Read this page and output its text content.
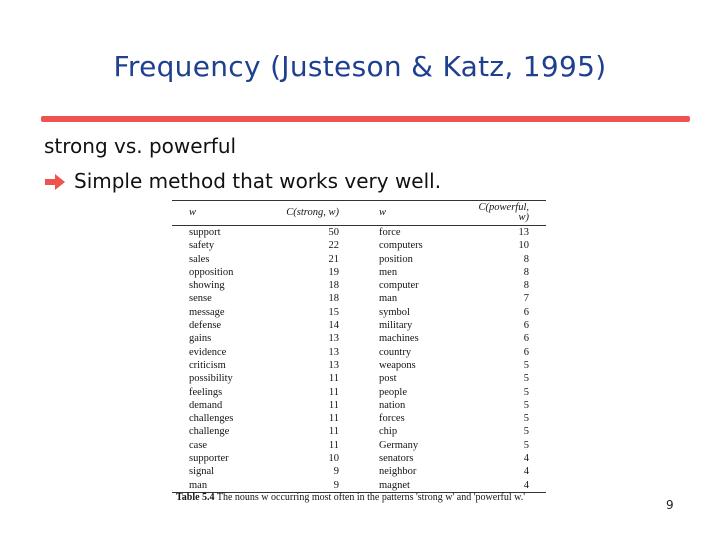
Frequency (Justeson & Katz, 1995)
strong vs. powerful
Simple method that works very well.
w	C(strong, w)	w	C(powerful, w)
support	50	force	13
safety	22	computers	10
sales	21	position	8
opposition	19	men	8
showing	18	computer	8
sense	18	man	7
message	15	symbol	6
defense	14	military	6
gains	13	machines	6
evidence	13	country	6
criticism	13	weapons	5
possibility	11	post	5
feelings	11	people	5
demand	11	nation	5
challenges	11	forces	5
challenge	11	chip	5
case	11	Germany	5
supporter	10	senators	4
signal	9	neighbor	4
man	9	magnet	4
Table 5.4 The nouns w occurring most often in the patterns 'strong w' and 'powerful w.'
9
